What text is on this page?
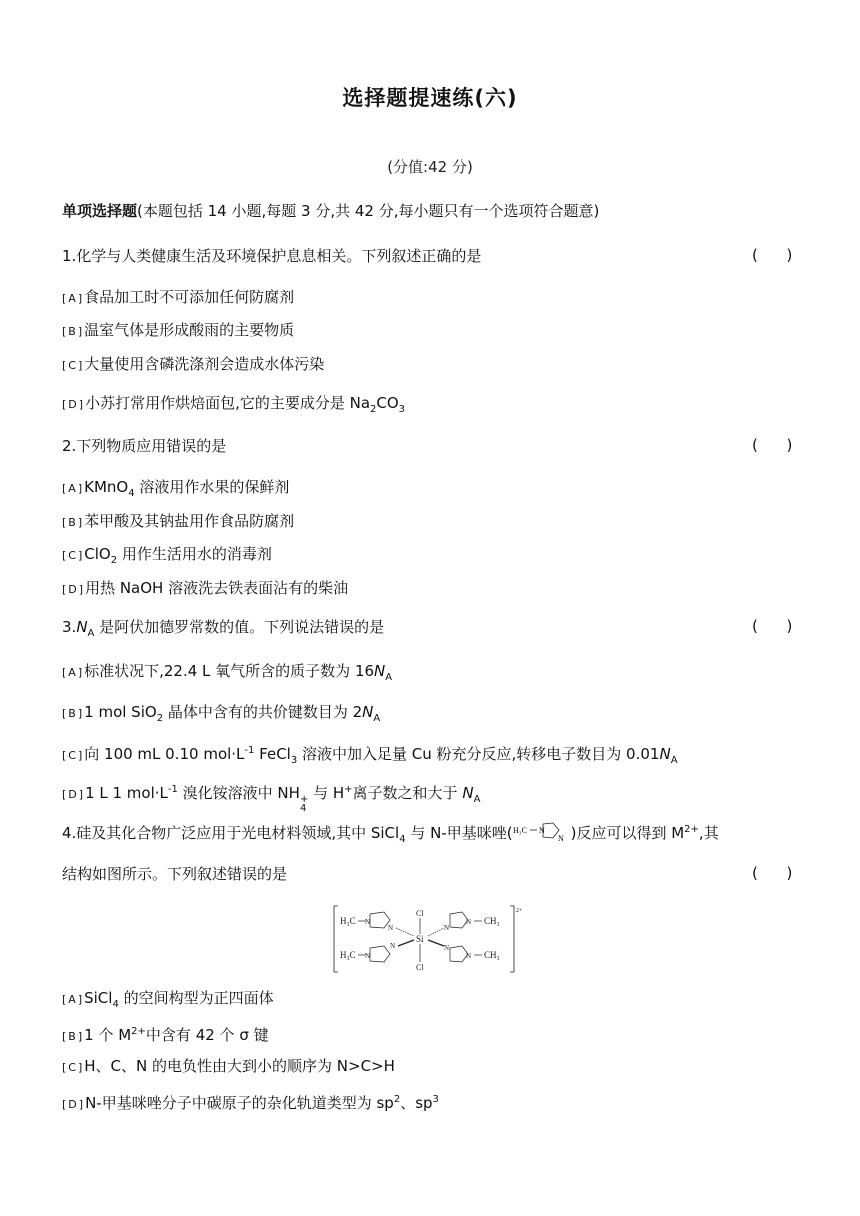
选择题提速练(六)
(分值:42 分)
单项选择题(本题包括 14 小题,每题 3 分,共 42 分,每小题只有一个选项符合题意)
1.化学与人类健康生活及环境保护息息相关。下列叙述正确的是	(      )
[A]食品加工时不可添加任何防腐剂
[B]温室气体是形成酸雨的主要物质
[C]大量使用含磷洗涤剂会造成水体污染
[D]小苏打常用作烘焙面包,它的主要成分是 $Na_2CO_3$
2.下列物质应用错误的是	(      )
[A]KMnO$_4$ 溶液用作水果的保鲜剂
[B]苯甲酸及其钠盐用作食品防腐剂
[C]ClO$_2$ 用作生活用水的消毒剂
[D]用热 NaOH 溶液洗去铁表面沾有的柴油
$3.N_A$ 是阿伏加德罗常数的值。下列说法错误的是	(      )
[A]标准状况下,22.4 L 氧气所含的质子数为 $16N_A$
[B]1 mol SiO$_2$ 晶体中含有的共价键数目为 $2N_A$
[C]向 100 mL 0.10 $mol\cdot L^{-1}$ FeCl$_3$ 溶液中加入足量 Cu 粉充分反应,转移电子数目为 $0.01N_A$
[D]1 L 1 $mol\cdot L^{-1}$ 溴化铵溶液中 NH +
4
与 H+离子数之和大于 $N_A$
4.硅及其化合物广泛应用于光电材料领域,其中 SiCl$_4$ 与 N-甲基咪唑( H₃C N
N )反应可以得到 $M^{2+}$,其
结构如图所示。下列叙述错误的是	(      )
2+
H₃C N
N
H₃C N
N
Si
Cl
Cl
N
N CH₃
N
N CH₃
[A]SiCl$_4$ 的空间构型为正四面体
[B]1 个 $M^{2+}$中含有 42 个 σ 键
[C]H、C、N 的电负性由大到小的顺序为 N>C>H
[D]N-甲基咪唑分子中碳原子的杂化轨道类型为 $sp^2$、$sp^3$
